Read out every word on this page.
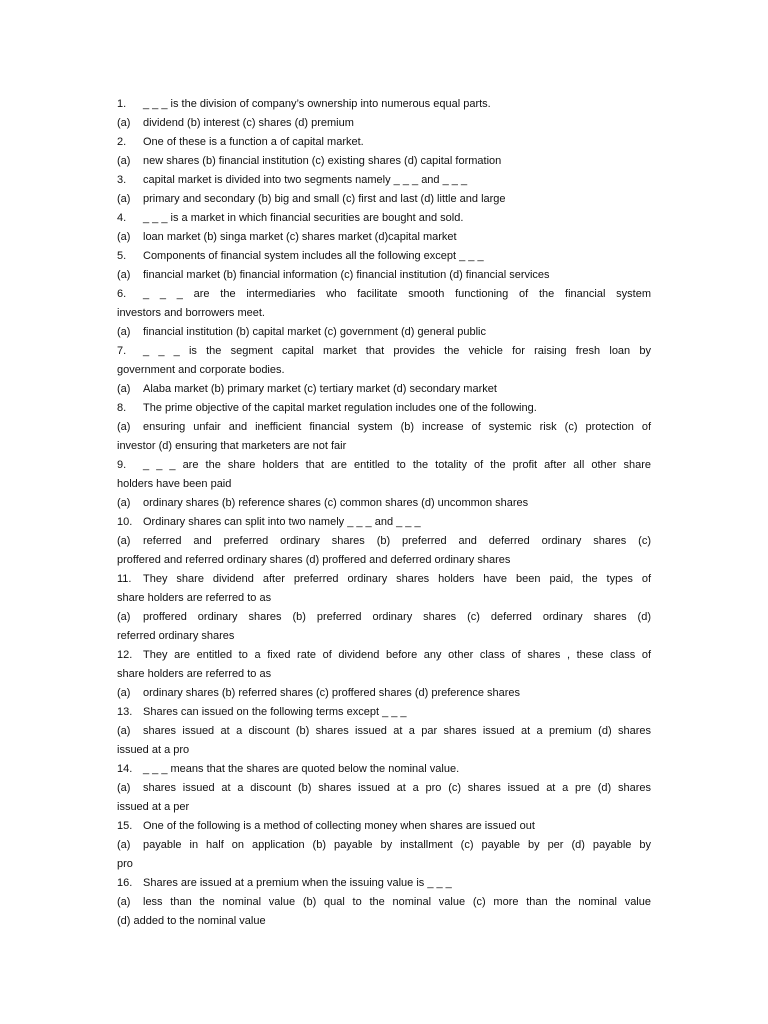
1.	_ _ _ is the division of company’s ownership into numerous equal parts.
(a)	dividend (b) interest (c) shares (d) premium
2.	One of these is a function a of capital market.
(a)	new shares (b) financial institution (c) existing shares (d) capital formation
3.	capital market is divided into two segments namely _ _ _ and _ _ _
(a)	primary and secondary (b) big and small (c) first and last (d) little and large
4.	_ _ _ is a market in which financial securities are bought and sold.
(a)	loan market (b) singa market (c) shares market (d)capital market
5.	Components of financial system includes all the following except _ _ _
(a)	financial market (b) financial information (c) financial institution (d) financial services
6.	_ _ _ are the intermediaries who facilitate smooth functioning of the financial system
investors and borrowers meet.
(a)	financial institution (b) capital market (c) government (d) general public
7.	_ _ _ is the segment capital market that provides the vehicle for raising fresh loan by
government and corporate bodies.
(a)	Alaba market (b) primary market (c) tertiary market (d) secondary market
8.	The prime objective of the capital market regulation includes one of the following.
(a)	ensuring unfair and inefficient financial system (b) increase of systemic risk (c) protection of
investor (d) ensuring that marketers are not fair
9.	_ _ _ are the share holders that are entitled to the totality of the profit after all other share
holders have been paid
(a)	ordinary shares (b) reference shares (c) common shares (d) uncommon shares
10. Ordinary shares can split into two namely _ _ _ and _ _ _
(a)	referred and preferred ordinary shares (b) preferred and deferred ordinary shares (c)
proffered and referred ordinary shares (d) proffered and deferred ordinary shares
11.	They share dividend after preferred ordinary shares holders have been paid, the types of
share holders are referred to as
(a)	proffered ordinary shares (b) preferred ordinary shares (c) deferred ordinary shares (d)
referred ordinary shares
12. They are entitled to a fixed rate of dividend before any other class of shares , these class of
share holders are referred to as
(a)	ordinary shares (b) referred shares (c) proffered shares (d) preference shares
13. Shares can issued on the following terms except _ _ _
(a)	shares issued at a discount (b) shares issued at a par shares issued at a premium (d) shares
issued at a pro
14. _ _ _ means that the shares are quoted below the nominal value.
(a)	shares issued at a discount (b) shares issued at a pro (c) shares issued at a pre (d) shares
issued at a per
15. One of the following is a method of collecting money when shares are issued out
(a)	payable in half on application (b) payable by installment (c) payable by per (d) payable by
pro
16. Shares are issued at a premium when the issuing value is _ _ _
(a)	less than the nominal value (b) qual to the nominal value (c) more than the nominal value
(d) added to the nominal value
